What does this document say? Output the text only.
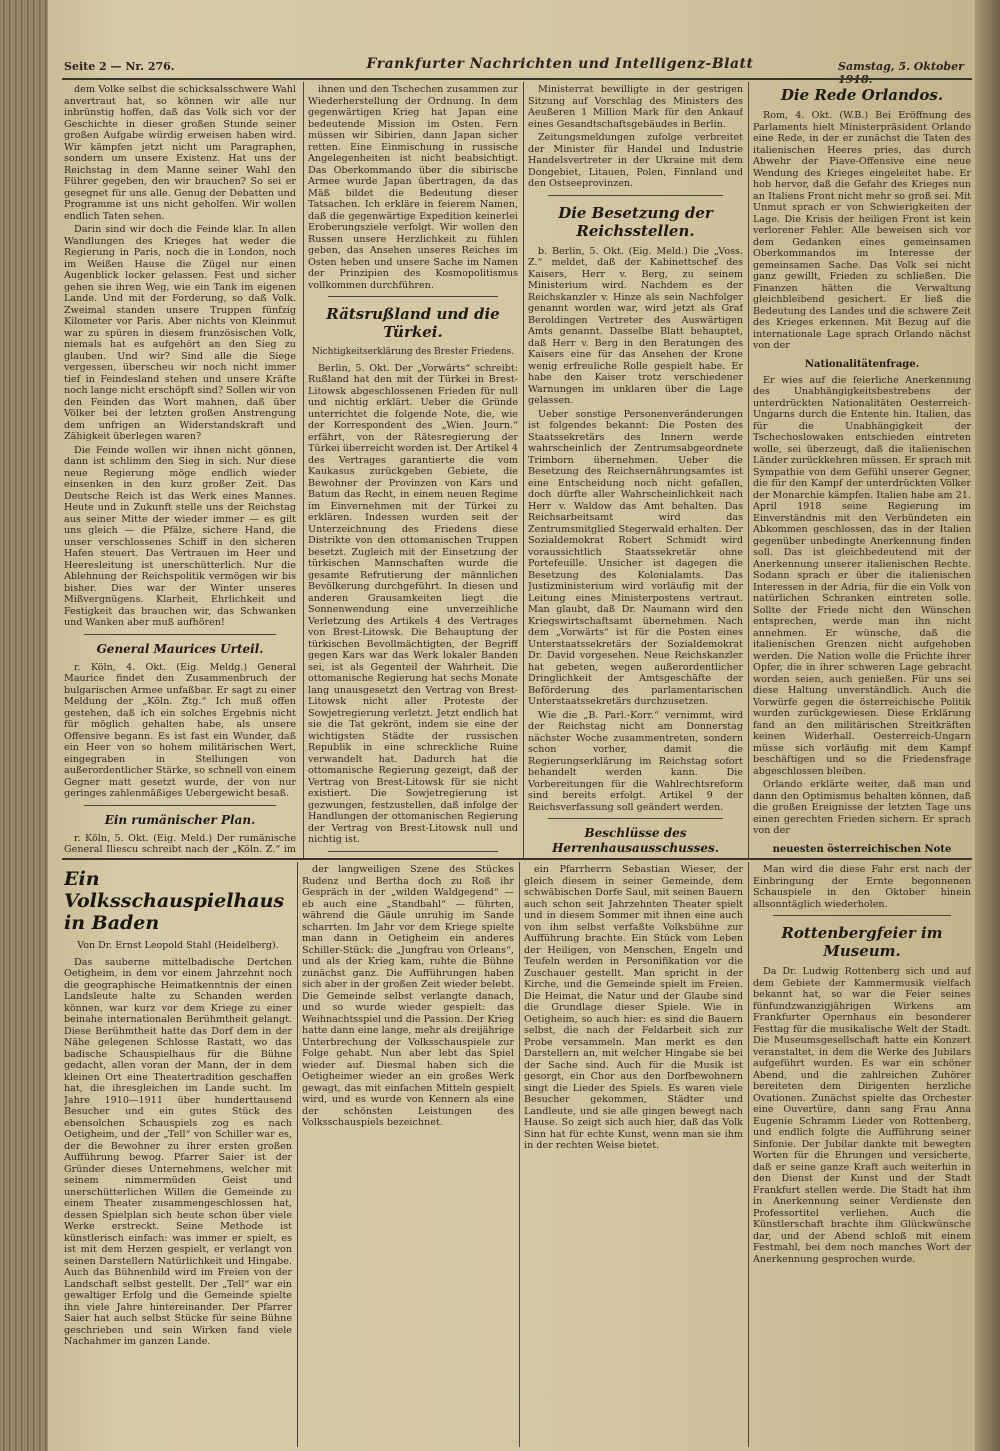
Seite 2 — Nr. 276.	Frankfurter Nachrichten und Intelligenz-Blatt	Samstag, 5. Oktober

dem Volke selbst die schicksalsschwere Wahl anvertraut hat, so können wir alle nur inbrünstig hoffen, daß das Volk sich vor der Geschichte in dieser großen Stunde seiner großen Aufgabe würdig erweisen haben wird. Wir kämpfen jetzt nicht um Paragraphen, sondern um unsere Existenz. Hat uns der Reichstag in dem Manne seiner Wahl den Führer gegeben, den wir brauchen? So sei er gesegnet für uns alle. Genug der Debatten und Programme ist uns nicht geholfen. Wir wollen endlich Taten sehen.

Darin sind wir doch die Feinde klar. In allen Wandlungen des Krieges hat weder die Regierung in Paris, noch die in London, noch im Weißen Hause die Zügel nur einen Augenblick locker gelassen. Fest und sicher gehen sie ihren Weg, wie ein Tank im eigenen Lande. Und mit der Forderung, so daß Volk. Zweimal standen unsere Truppen fünfzig Kilometer vor Paris. Aber nichts von Kleinmut war zu spüren in diesem französischen Volk, niemals hat es aufgehört an den Sieg zu glauben. Und wir? Sind alle die Siege vergessen, überscheu wir noch nicht immer tief in Feindesland stehen und unsere Kräfte noch lange nicht erschöpft sind? Sollen wir von den Feinden das Wort mahnen, daß über Völker bei der letzten großen Anstrengung dem unfrigen an Widerstandskraft und Zähigkeit überlegen waren?

Die Feinde wollen wir ihnen nicht gönnen, dann ist schlimm den Sieg in sich. Nur diese neue Regierung möge endlich wieder einsenken in den kurz großer Zeit. Das Deutsche Reich ist das Werk eines Mannes. Heute und in Zukunft stelle uns der Reichstag aus seiner Mitte der wieder immer — es gilt uns gleich — die Pfälze, sichere Hand, die unser verschlossenes Schiff in den sicheren Hafen steuert. Das Vertrauen im Heer und Heeresleitung ist unerschütterlich. Nur die Ablehnung der Reichspolitik vermögen wir bis bisher. Dies war der Winter unseres Mißvergnügens. Klarheit, Ehrlichkeit und Festigkeit das brauchen wir, das Schwanken und Wanken aber muß aufhören!

General Maurices Urteil.

r. Köln, 4. Okt. (Eig. Meldg.) General Maurice findet den Zusammenbruch der bulgarischen Armee unfaßbar. Er sagt zu einer Meldung der „Köln. Ztg.“ Ich muß offen gestehen, daß ich ein solches Ergebnis nicht für möglich gehalten habe, als unsere Offensive begann. Es ist fast ein Wunder, daß ein Heer von so hohem militärischen Wert, eingegraben in Stellungen von außerordentlicher Stärke, so schnell von einem Gegner matt gesetzt wurde, der von nur geringes zahlenmäßiges Uebergewicht besaß.

Ein rumänischer Plan.

r. Köln, 5. Okt. (Eig. Meld.) Der rumänische General Iliescu schreibt nach der „Köln. Z.“ im

ihnen und den Tschechen zusammen zur Wiederherstellung der Ordnung. In dem gegenwärtigen Krieg hat Japan eine bedeutende Mission im Osten. Fern müssen wir Sibirien, dann Japan sicher retten. Eine Einmischung in russische Angelegenheiten ist nicht beabsichtigt. Das Oberkommando über die sibirische Armee wurde Japan übertragen, da das Mäß bildet die Bedeutung dieser Tatsachen. Ich erkläre in feierem Namen, daß die gegenwärtige Expedition keinerlei Eroberungsziele verfolgt. Wir wollen den Russen unsere Herzlichkeit zu fühlen geben, das Ansehen unseres Reiches im Osten heben und unsere Sache im Namen der Prinzipien des Kosmopolitismus vollkommen durchführen.

Rätsrußland und die Türkei.
Nichtigkeitserklärung des Brester Friedens.

Berlin, 5. Okt. Der „Vorwärts“ schreibt: Rußland hat den mit der Türkei in Brest-Litowsk abgeschlossenen Frieden für null und nichtig erklärt. Ueber die Gründe unterrichtet die folgende Note, die, wie der Korrespondent des „Wien. Journ.“ erfährt, von der Rätesregierung der Türkei überreicht worden ist. Der Artikel 4 des Vertrages garantierte die vom Kaukasus zurückgeben Gebiete, die Bewohner der Provinzen von Kars und Batum das Recht, in einem neuen Regime im Einvernehmen mit der Türkei zu erklären. Indessen wurden seit der Unterzeichnung des Friedens diese Distrikte von den ottomanischen Truppen besetzt. Zugleich mit der Einsetzung der türkischen Mannschaften wurde die gesamte Refrutierung der männlichen Bevölkerung durchgeführt. In diesen und anderen Grausamkeiten liegt die Sonnenwendung eine unverzeihliche Verletzung des Artikels 4 des Vertrages von Brest-Litowsk. Die Behauptung der türkischen Bevollmächtigten, der Begriff gegen Kars war das Werk lokaler Banden sei, ist als Gegenteil der Wahrheit. Die ottomanische Regierung hat sechs Monate lang unausgesetzt den Vertrag von Brest-Litowsk nicht aller Proteste der Sowjetregierung verletzt. Jetzt endlich hat sie die Tat gekrönt, indem sie eine der wichtigsten Städte der russischen Republik in eine schreckliche Ruine verwandelt hat. Dadurch hat die ottomanische Regierung gezeigt, daß der Vertrag von Brest-Litowsk für sie nicht existiert. Die Sowjetregierung ist gezwungen, festzustellen, daß infolge der Handlungen der ottomanischen Regierung der Vertrag von Brest-Litowsk null und nichtig ist.

Ministerrat bewilligte in der gestrigen Sitzung auf Vorschlag des Ministers des Aeußeren 1 Million Mark für den Ankauf eines Gesandtschaftsgebäudes in Berlin.

Zeitungsmeldungen zufolge verbreitet der Minister für Handel und Industrie Handelsvertreter in der Ukraine mit dem Dongebiet, Litauen, Polen, Finnland und den Ostseeprovinzen.

Die Besetzung der Reichsstellen.

b. Berlin, 5. Okt. (Eig. Meld.) Die „Voss. Z.“ meldet, daß der Kabinettschef des Kaisers, Herr v. Berg, zu seinem Ministerium wird. Nachdem es der Reichskanzler v. Hinze als sein Nachfolger genannt worden war, wird jetzt als Graf Beroldingen Vertreter des Auswärtigen Amts genannt. Dasselbe Blatt behauptet, daß Herr v. Berg in den Beratungen des Kaisers eine für das Ansehen der Krone wenig erfreuliche Rolle gespielt habe. Er habe den Kaiser trotz verschiedener Warnungen im unklaren über die Lage gelassen.

Ueber sonstige Personenveränderungen ist folgendes bekannt: Die Posten des Staatssekretärs des Innern werde wahrscheinlich der Zentrumsabgeordnete Trimborn übernehmen. Ueber die Besetzung des Reichsernährungsamtes ist eine Entscheidung noch nicht gefallen, doch dürfte aller Wahrscheinlichkeit nach Herr v. Waldow das Amt behalten. Das Reichsarbeitsamt wird das Zentrumsmitglied Stegerwald erhalten. Der Sozialdemokrat Robert Schmidt wird voraussichtlich Staatssekretär ohne Portefeuille. Unsicher ist dagegen die Besetzung des Kolonialamts. Das Justizministerium wird vorläufig mit der Leitung eines Ministerpostens vertraut. Man glaubt, daß Dr. Naumann wird den Kriegswirtschaftsamt übernehmen. Nach dem „Vorwärts“ ist für die Posten eines Unterstaatssekretärs der Sozialdemokrat Dr. David vorgesehen. Neue Reichskanzler hat gebeten, wegen außerordentlicher Dringlichkeit der Amtsgeschäfte der Beförderung des parlamentarischen Unterstaatssekretärs durchzusetzen.

Wie die „B. Parl.-Korr.“ vernimmt, wird der Reichstag nicht am Donnerstag nächster Woche zusammentreten, sondern schon vorher, damit die Regierungserklärung im Reichstag sofort behandelt werden kann. Die Vorbereitungen für die Wahlrechtsreform sind bereits erfolgt. Artikel 9 der Reichsverfassung soll geändert werden.

Beschlüsse des Herrenhausausschusses.

Die Rede Orlandos.

Rom, 4. Okt. (W.B.) Bei Eröffnung des Parlaments hielt Ministerpräsident Orlando eine Rede, in der er zunächst die Taten des italienischen Heeres pries, das durch Abwehr der Piave-Offensive eine neue Wendung des Krieges eingeleitet habe. Er hob hervor, daß die Gefahr des Krieges nun an Italiens Front nicht mehr so groß sei. Mit Unmut sprach er von Schwierigkeiten der Lage. Die Krisis der heiligen Front ist kein verlorener Fehler. Alle beweisen sich vor dem Gedanken eines gemeinsamen Oberkommandos im Interesse der gemeinsamen Sache. Das Volk sei nicht ganz gewillt, Frieden zu schließen. Die Finanzen hätten die Verwaltung gleichbleibend gesichert. Er ließ die Bedeutung des Landes und die schwere Zeit des Krieges erkennen. Mit Bezug auf die internationale Lage sprach Orlando nächst von der

Nationalitätenfrage.

Er wies auf die feierliche Anerkennung des Unabhängigkeitsbestrebens der unterdrückten Nationalitäten Oesterreich-Ungarns durch die Entente hin. Italien, das für die Unabhängigkeit der Tschechoslowaken entschieden eintreten wolle, sei überzeugt, daß die italienischen Länder zurückkehren müssen. Er sprach mit Sympathie von dem Gefühl unserer Gegner, die für den Kampf der unterdrückten Völker der Monarchie kämpfen. Italien habe am 21. April 1918 seine Regierung im Einverständnis mit den Verbündeten ein Abkommen geschlossen, das in der Italien gegenüber unbedingte Anerkennung finden soll. Das ist gleichbedeutend mit der Anerkennung unserer italienischen Rechte. Sodann sprach er über die italienischen Interessen in der Adria, für die ein Volk von natürlichen Schranken eintreten solle. Sollte der Friede nicht den Wünschen entsprechen, werde man ihn nicht annehmen. Er wünsche, daß die italienischen Grenzen nicht aufgehoben werden. Die Nation wolle die Früchte ihrer Opfer, die in ihrer schweren Lage gebracht worden seien, auch genießen. Für uns sei diese Haltung unverständlich. Auch die Vorwürfe gegen die österreichische Politik wurden zurückgewiesen. Diese Erklärung fand an den militärischen Streitkräften keinen Widerhall. Oesterreich-Ungarn müsse sich vorläufig mit dem Kampf beschäftigen und so die Friedensfrage abgeschlossen bleiben.

Orlando erklärte weiter, daß man und dann den Optimismus behalten können, daß die großen Ereignisse der letzten Tage uns einen gerechten Frieden sichern. Er sprach von der

neuesten österreichischen Note

Ein Volksschauspielhaus in Baden
Von Dr. Ernst Leopold Stahl (Heidelberg).

Das sauberne mittelbadische Dertchen Oetigheim, in dem vor einem Jahrzehnt noch die geographische Heimatkenntnis der einen Landsleute halte zu Schanden werden können, war kurz vor dem Kriege zu einer beinahe internationalen Berühmtheit gelangt. Diese Berühmtheit hatte das Dorf dem in der Nähe gelegenen Schlosse Rastatt, wo das badische Schauspielhaus für die Bühne gedacht, allen voran der Mann, der in dem kleinen Ort eine Theatertradition geschaffen hat, die ihresgleichen im Lande sucht. Im Jahre 1910—1911 über hunderttausend Besucher und ein gutes Stück des ebensolchen Schauspiels zog es nach Oetigheim, und der „Tell“ von Schiller war es, der die Bewohner zu ihrer ersten großen Aufführung bewog. Pfarrer Saier ist der Gründer dieses Unternehmens, welcher mit seinem nimmermüden Geist und unerschütterlichen Willen die Gemeinde zu einem Theater zusammengeschlossen hat, dessen Spielplan sich heute schon über viele Werke erstreckt. Seine Methode ist künstlerisch einfach: was immer er spielt, es ist mit dem Herzen gespielt, er verlangt von seinen Darstellern Natürlichkeit und Hingabe. Auch das Bühnenbild wird im Freien von der Landschaft selbst gestellt. Der „Tell“ war ein gewaltiger Erfolg und die Gemeinde spielte ihn viele Jahre hintereinander. Der Pfarrer Saier hat auch selbst Stücke für seine Bühne geschrieben und sein Wirken fand viele Nachahmer im ganzen Lande.

der langweiligen Szene des Stückes Rudenz und Bertha doch zu Roß ihr Gespräch in der „wilden Waldgegend“ — eb auch eine „Standbahl“ — führten, während die Gäule unruhig im Sande scharrten. Im Jahr vor dem Kriege spielte man dann in Oetigheim ein anderes Schiller-Stück: die „Jungfrau von Orleans“, und als der Krieg kam, ruhte die Bühne zunächst ganz. Die Aufführungen haben sich aber in der großen Zeit wieder belebt. Die Gemeinde selbst verlangte danach, und so wurde wieder gespielt: das Weihnachtsspiel und die Passion. Der Krieg hatte dann eine lange, mehr als dreijährige Unterbrechung der Volksschauspiele zur Folge gehabt. Nun aber lebt das Spiel wieder auf. Diesmal haben sich die Oetigheimer wieder an ein großes Werk gewagt, das mit einfachen Mitteln gespielt wird, und es wurde von Kennern als eine der schönsten Leistungen des Volksschauspiels bezeichnet.

ein Pfarrherrn Sebastian Wieser, der gleich diesem in seiner Gemeinde, dem schwäbischen Dorfe Saul, mit seinen Bauern auch schon seit Jahrzehnten Theater spielt und in diesem Sommer mit ihnen eine auch von ihm selbst verfaßte Volksbühne zur Aufführung brachte. Ein Stück vom Leben der Heiligen, von Menschen, Engeln und Teufeln werden in Personifikation vor die Zuschauer gestellt. Man spricht in der Kirche, und die Gemeinde spielt im Freien. Die Heimat, die Natur und der Glaube sind die Grundlage dieser Spiele. Wie in Oetigheim, so auch hier: es sind die Bauern selbst, die nach der Feldarbeit sich zur Probe versammeln. Man merkt es den Darstellern an, mit welcher Hingabe sie bei der Sache sind. Auch für die Musik ist gesorgt, ein Chor aus den Dorfbewohnern singt die Lieder des Spiels. Es waren viele Besucher gekommen, Städter und Landleute, und sie alle gingen bewegt nach Hause. So zeigt sich auch hier, daß das Volk Sinn hat für echte Kunst, wenn man sie ihm in der rechten Weise bietet.

Man wird die diese Fahr erst nach der Einbringung der Ernte begonnenen Schauspiele in den Oktober hinein allsonntäglich wiederholen.

Rottenbergfeier im Museum.

Da Dr. Ludwig Rottenberg sich und auf dem Gebiete der Kammermusik vielfach bekannt hat, so war die Feier seines fünfundzwanzigjährigen Wirkens am Frankfurter Opernhaus ein besonderer Festtag für die musikalische Welt der Stadt. Die Museumsgesellschaft hatte ein Konzert veranstaltet, in dem die Werke des Jubilars aufgeführt wurden. Es war ein schöner Abend, und die zahlreichen Zuhörer bereiteten dem Dirigenten herzliche Ovationen. Zunächst spielte das Orchester eine Ouvertüre, dann sang Frau Anna Eugenie Schramm Lieder von Rottenberg, und endlich folgte die Aufführung seiner Sinfonie. Der Jubilar dankte mit bewegten Worten für die Ehrungen und versicherte, daß er seine ganze Kraft auch weiterhin in den Dienst der Kunst und der Stadt Frankfurt stellen werde. Die Stadt hat ihm in Anerkennung seiner Verdienste den Professortitel verliehen. Auch die Künstlerschaft brachte ihm Glückwünsche dar, und der Abend schloß mit einem Festmahl, bei dem noch manches Wort der Anerkennung gesprochen wurde.
